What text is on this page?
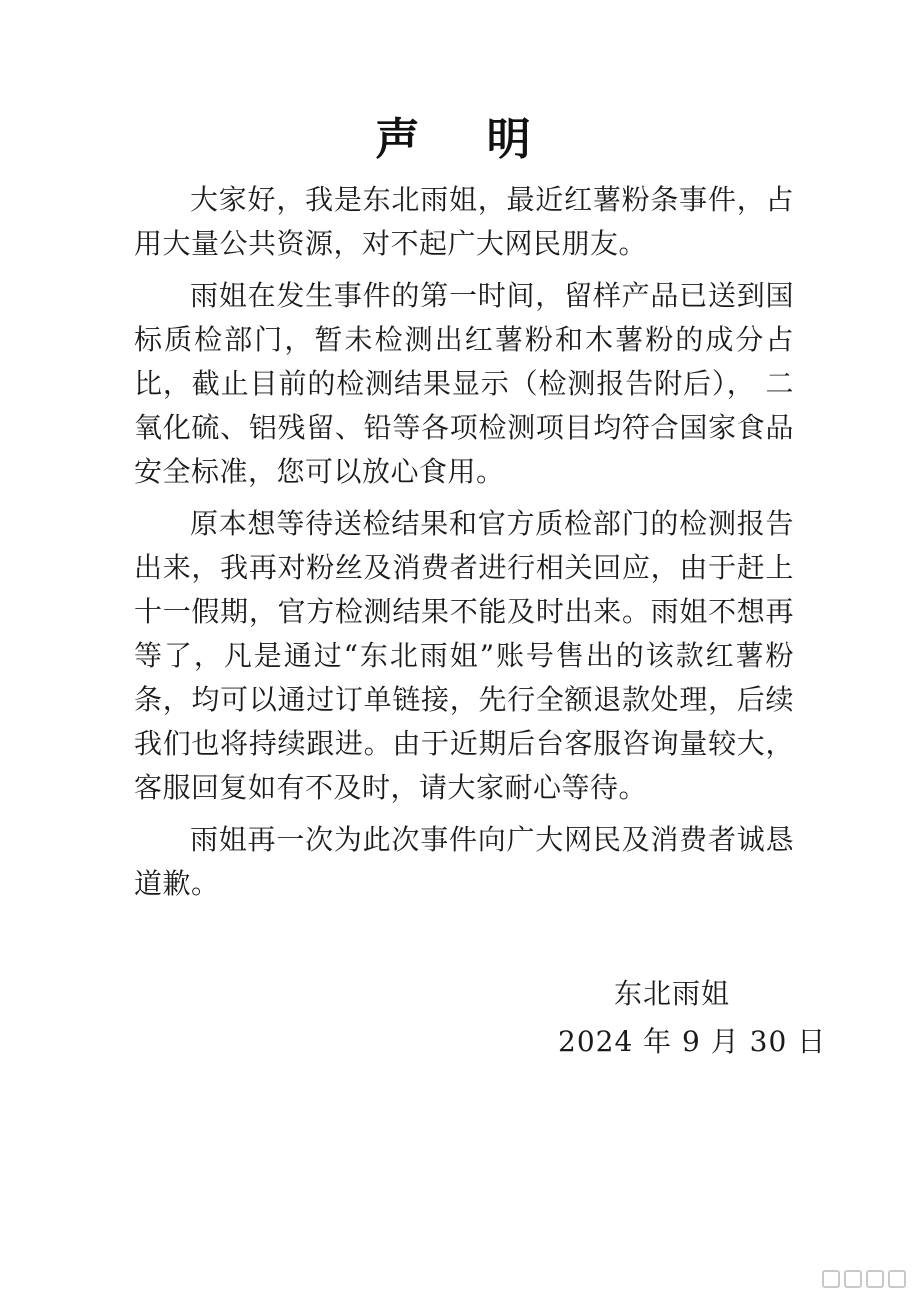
声 明

大家好，我是东北雨姐，最近红薯粉条事件，占用大量公共资源，对不起广大网民朋友。

雨姐在发生事件的第一时间，留样产品已送到国标质检部门，暂未检测出红薯粉和木薯粉的成分占比，截止目前的检测结果显示（检测报告附后）， 二氧化硫、铝残留、铅等各项检测项目均符合国家食品安全标准，您可以放心食用。

原本想等待送检结果和官方质检部门的检测报告出来，我再对粉丝及消费者进行相关回应，由于赶上十一假期，官方检测结果不能及时出来。雨姐不想再等了，凡是通过“东北雨姐”账号售出的该款红薯粉条，均可以通过订单链接，先行全额退款处理，后续我们也将持续跟进。由于近期后台客服咨询量较大，客服回复如有不及时，请大家耐心等待。

雨姐再一次为此次事件向广大网民及消费者诚恳道歉。

东北雨姐
2024 年 9 月 30 日
